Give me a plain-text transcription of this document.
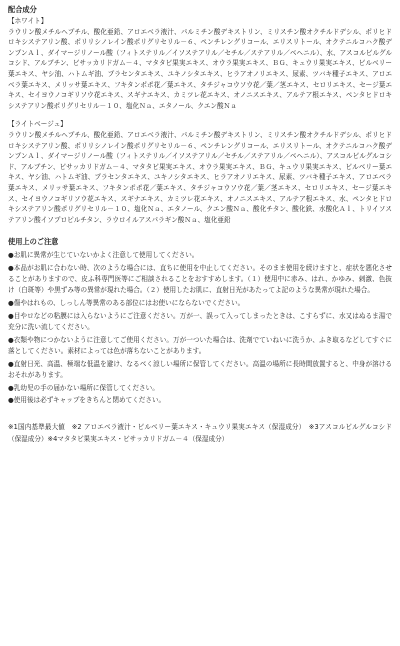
配合成分
【ホワイト】
ラウリン酸メチルヘプチル、酸化亜鉛、アロエベラ液汁、パルミチン酸デキストリン、ミリスチン酸オクチルドデシル、ポリヒドロキシステアリン酸、ポリリシノレイン酸ポリグリセリル－６、ペンチレングリコール、エリスリトール、オクテニルコハク酸デンプンＡｌ、ダイマージリノール酸（フィトステリル／イソステアリル／セチル／ステアリル／ベヘニル）、水、アスコルビルグルコシド、アルブチン、ビサッカリドガム－４、マタタビ果実エキス、オウラ果実エキス、ＢＧ、キュウリ果実エキス、ビルベリー葉エキス、ヤシ油、ハトムギ油、プラセンタエキス、ユキノシタエキス、ヒラアオノリエキス、尿素、ツバキ種子エキス、アロエベラ葉エキス、メリッサ葉エキス、フキタンポポ花／葉エキス、タチジャコウソウ花／葉／茎エキス、セロリエキス、セージ葉エキス、セイヨウノコギリソウ花エキス、スギナエキス、カミツレ花エキス、オノニスエキス、アルテア根エキス、ペンタヒドロキシステアリン酸ポリグリセリル－１０、塩化Ｎａ、エタノール、クエン酸Ｎａ
【ライトベージュ】
ラウリン酸メチルヘプチル、酸化亜鉛、アロエベラ液汁、パルミチン酸デキストリン、ミリスチン酸オクチルドデシル、ポリヒドロキシステアリン酸、ポリリシノレイン酸ポリグリセリル－６、ペンチレングリコール、エリスリトール、オクテニルコハク酸デンプンＡｌ、ダイマージリノール酸（フィトステリル／イソステアリル／セチル／ステアリル／ベヘニル）、アスコルビルグルコシド、アルブチン、ビサッカリドガム－４、マタタビ果実エキス、オウラ果実エキス、ＢＧ、キュウリ果実エキス、ビルベリー葉エキス、ヤシ油、ハトムギ油、プラセンタエキス、ユキノシタエキス、ヒラアオノリエキス、尿素、ツバキ種子エキス、アロエベラ葉エキス、メリッサ葉エキス、フキタンポポ花／葉エキス、タチジャコウソウ花／葉／茎エキス、セロリエキス、セージ葉エキス、セイヨウノコギリソウ花エキス、スギナエキス、カミツレ花エキス、オノニスエキス、アルテア根エキス、水、ペンタヒドロキシステアリン酸ポリグリセリル－１０、塩化Ｎａ、エタノール、クエン酸Ｎａ、酸化チタン、酸化鉄、水酸化Ａｌ、トリイソステアリン酸イソプロピルチタン、ラウロイルアスパラギン酸Ｎａ、塩化亜鉛
使用上のご注意
●お肌に異常が生じていないかよく注意して使用してください。
●本品がお肌に合わない時、次のような場合には、直ちに使用を中止してください。そのまま使用を続けますと、症状を悪化させることがありますので、皮ふ科専門医等にご相談されることをおすすめします。（１）使用中に赤み、はれ、かゆみ、刺激、色抜け（白斑等）や黒ずみ等の異常が現れた場合。（２）使用したお肌に、直射日光があたってよ記のような異常が現れた場合。
●傷やはれもの、しっしん等異常のある部位にはお使いにならないでください。
●目やロなどの粘膜には入らないようにご注意ください。万が一、誤って入ってしまったときは、こすらずに、水又はぬるま湯で充分に洗い流してください。
●衣類や物につかないように注意してご使用ください。万が一ついた場合は、洗剤でていねいに洗うか、ふき取るなどしてすぐに落としてください。素材によっては色が落ちないことがあります。
●直射日光、高温、極端な低温を避け、なるべく涼しい場所に保管してください。高温の場所に長時間放置すると、中身が溶けるおそれがあります。
●乳幼児の手の届かない場所に保管してください。
●使用後は必ずキャップをきちんと閉めてください。
※1国内基準最大値　※2 アロエベラ液汁・ビルベリー葉エキス・キュウリ果実エキス（保湿成分）　※3アスコルビルグルコシド（保湿成分）※4マタタビ果実エキス・ビサッカリドガム－４（保湿成分）
